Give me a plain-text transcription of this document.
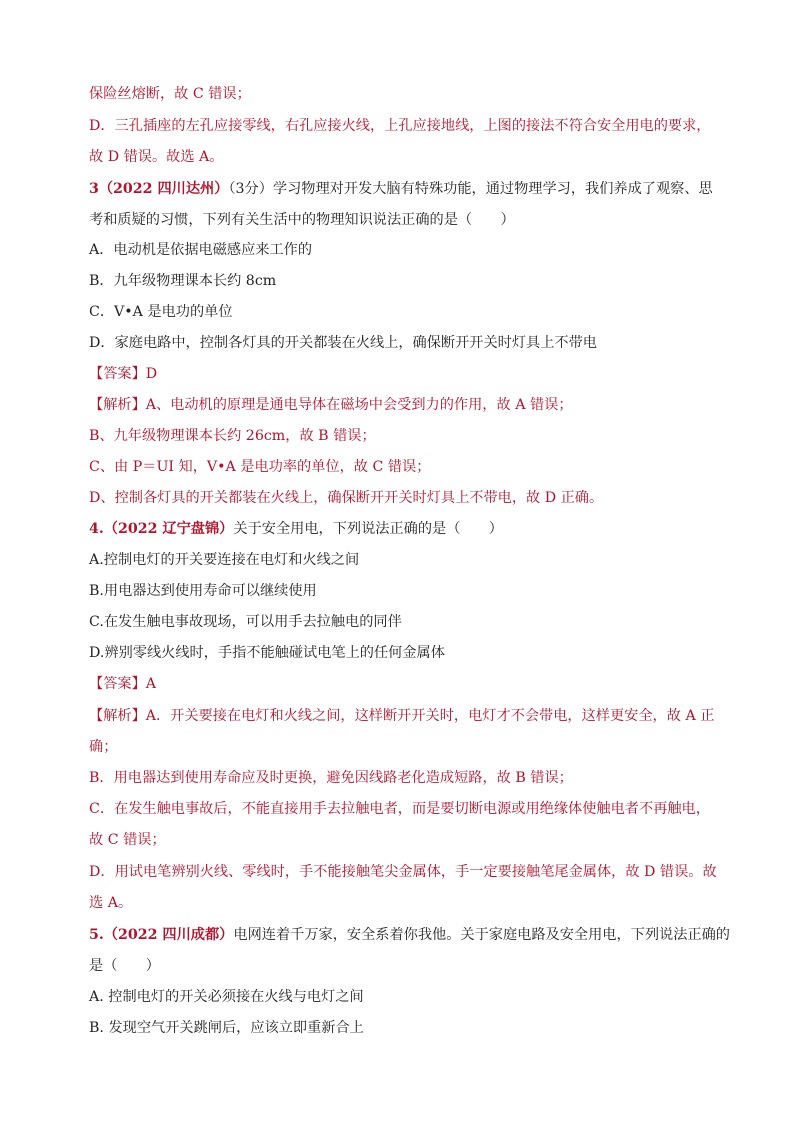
保险丝熔断，故 C 错误；
D．三孔插座的左孔应接零线，右孔应接火线，上孔应接地线，上图的接法不符合安全用电的要求，
故 D 错误。故选 A。
3（2022 四川达州）（3分）学习物理对开发大脑有特殊功能，通过物理学习，我们养成了观察、思
考和质疑的习惯，下列有关生活中的物理知识说法正确的是（　　）
A．电动机是依据电磁感应来工作的
B．九年级物理课本长约 8cm
C．V•A 是电功的单位
D．家庭电路中，控制各灯具的开关都装在火线上，确保断开开关时灯具上不带电
【答案】D
【解析】A、电动机的原理是通电导体在磁场中会受到力的作用，故 A 错误；
B、九年级物理课本长约 26cm，故 B 错误；
C、由 P＝UI 知，V•A 是电功率的单位，故 C 错误；
D、控制各灯具的开关都装在火线上，确保断开开关时灯具上不带电，故 D 正确。
4.（2022 辽宁盘锦）关于安全用电，下列说法正确的是（　　）
A.控制电灯的开关要连接在电灯和火线之间
B.用电器达到使用寿命可以继续使用
C.在发生触电事故现场，可以用手去拉触电的同伴
D.辨别零线火线时，手指不能触碰试电笔上的任何金属体
【答案】A
【解析】A．开关要接在电灯和火线之间，这样断开开关时，电灯才不会带电，这样更安全，故 A 正
确；
B．用电器达到使用寿命应及时更换，避免因线路老化造成短路，故 B 错误；
C．在发生触电事故后，不能直接用手去拉触电者，而是要切断电源或用绝缘体使触电者不再触电，
故 C 错误；
D．用试电笔辨别火线、零线时，手不能接触笔尖金属体，手一定要接触笔尾金属体，故 D 错误。故
选 A。
5.（2022 四川成都）电网连着千万家，安全系着你我他。关于家庭电路及安全用电，下列说法正确的
是（　　）
A. 控制电灯的开关必须接在火线与电灯之间
B. 发现空气开关跳闸后，应该立即重新合上
